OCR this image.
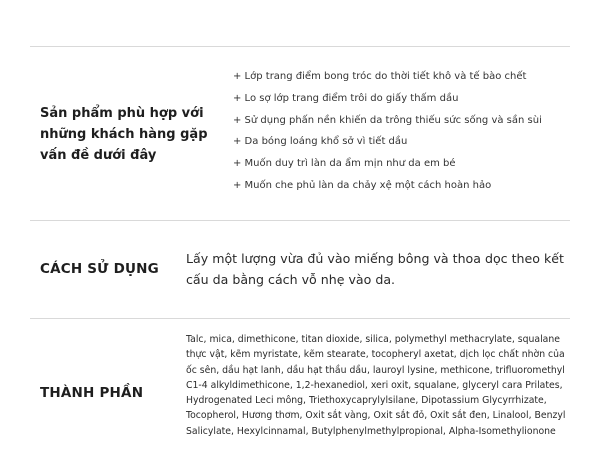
Sản phẩm phù hợp với những khách hàng gặp vấn đề dưới đây
+ Lớp trang điểm bong tróc do thời tiết khô và tế bào chết
+ Lo sợ lớp trang điểm trôi do giấy thấm dầu
+ Sử dụng phấn nền khiến da trông thiếu sức sống và sần sùi
+ Da bóng loáng khổ sở vì tiết dầu
+ Muốn duy trì làn da ẩm mịn như da em bé
+ Muốn che phủ làn da chảy xệ một cách hoàn hảo
CÁCH SỬ DỤNG
Lấy một lượng vừa đủ vào miếng bông và thoa dọc theo kết cấu da bằng cách vỗ nhẹ vào da.
THÀNH PHẦN
Talc, mica, dimethicone, titan dioxide, silica, polymethyl methacrylate, squalane thực vật, kẽm myristate, kẽm stearate, tocopheryl axetat, dịch lọc chất nhờn của ốc sên, dầu hạt lanh, dầu hạt thầu dầu, lauroyl lysine, methicone, trifluoromethyl C1-4 alkyldimethicone, 1,2-hexanediol, xeri oxit, squalane, glyceryl cara Prilates, Hydrogenated Leci mông, Triethoxycaprylylsilane, Dipotassium Glycyrrhizate, Tocopherol, Hương thơm, Oxit sắt vàng, Oxit sắt đỏ, Oxit sắt đen, Linalool, Benzyl Salicylate, Hexylcinnamal, Butylphenylmethylpropional, Alpha-Isomethylionone
